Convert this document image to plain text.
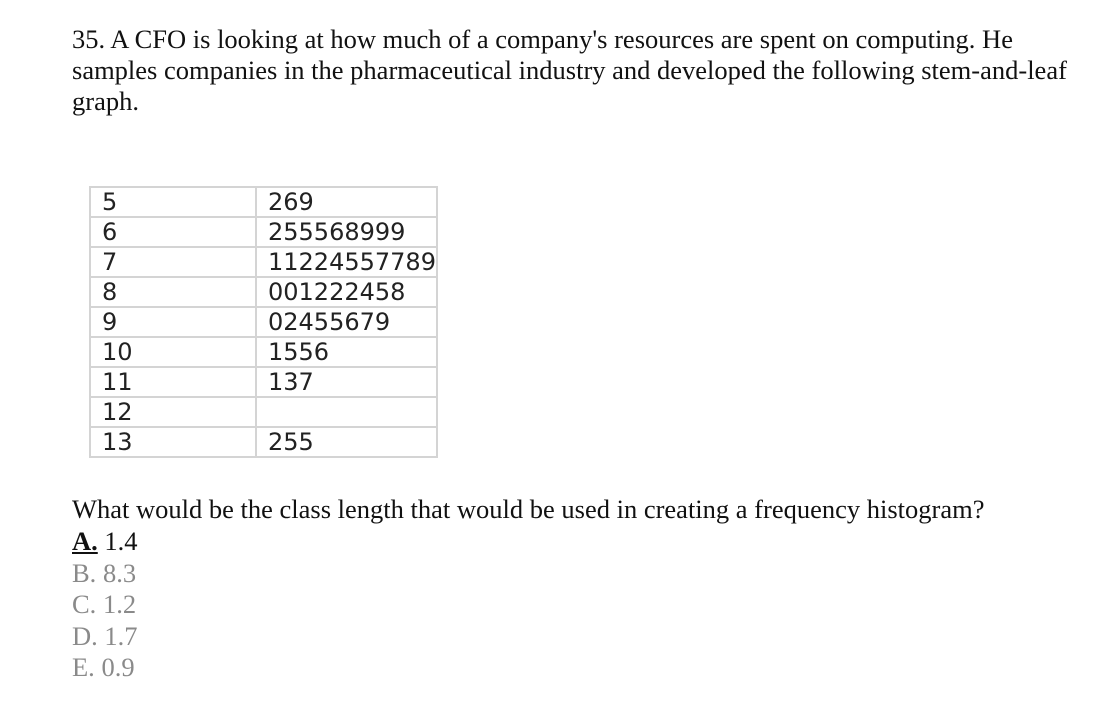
35. A CFO is looking at how much of a company's resources are spent on computing. He samples companies in the pharmaceutical industry and developed the following stem-and-leaf graph.

5	269
6	255568999
7	11224557789
8	001222458
9	02455679
10	1556
11	137
12	
13	255

What would be the class length that would be used in creating a frequency histogram?

A. 1.4
B. 8.3
C. 1.2
D. 1.7
E. 0.9
